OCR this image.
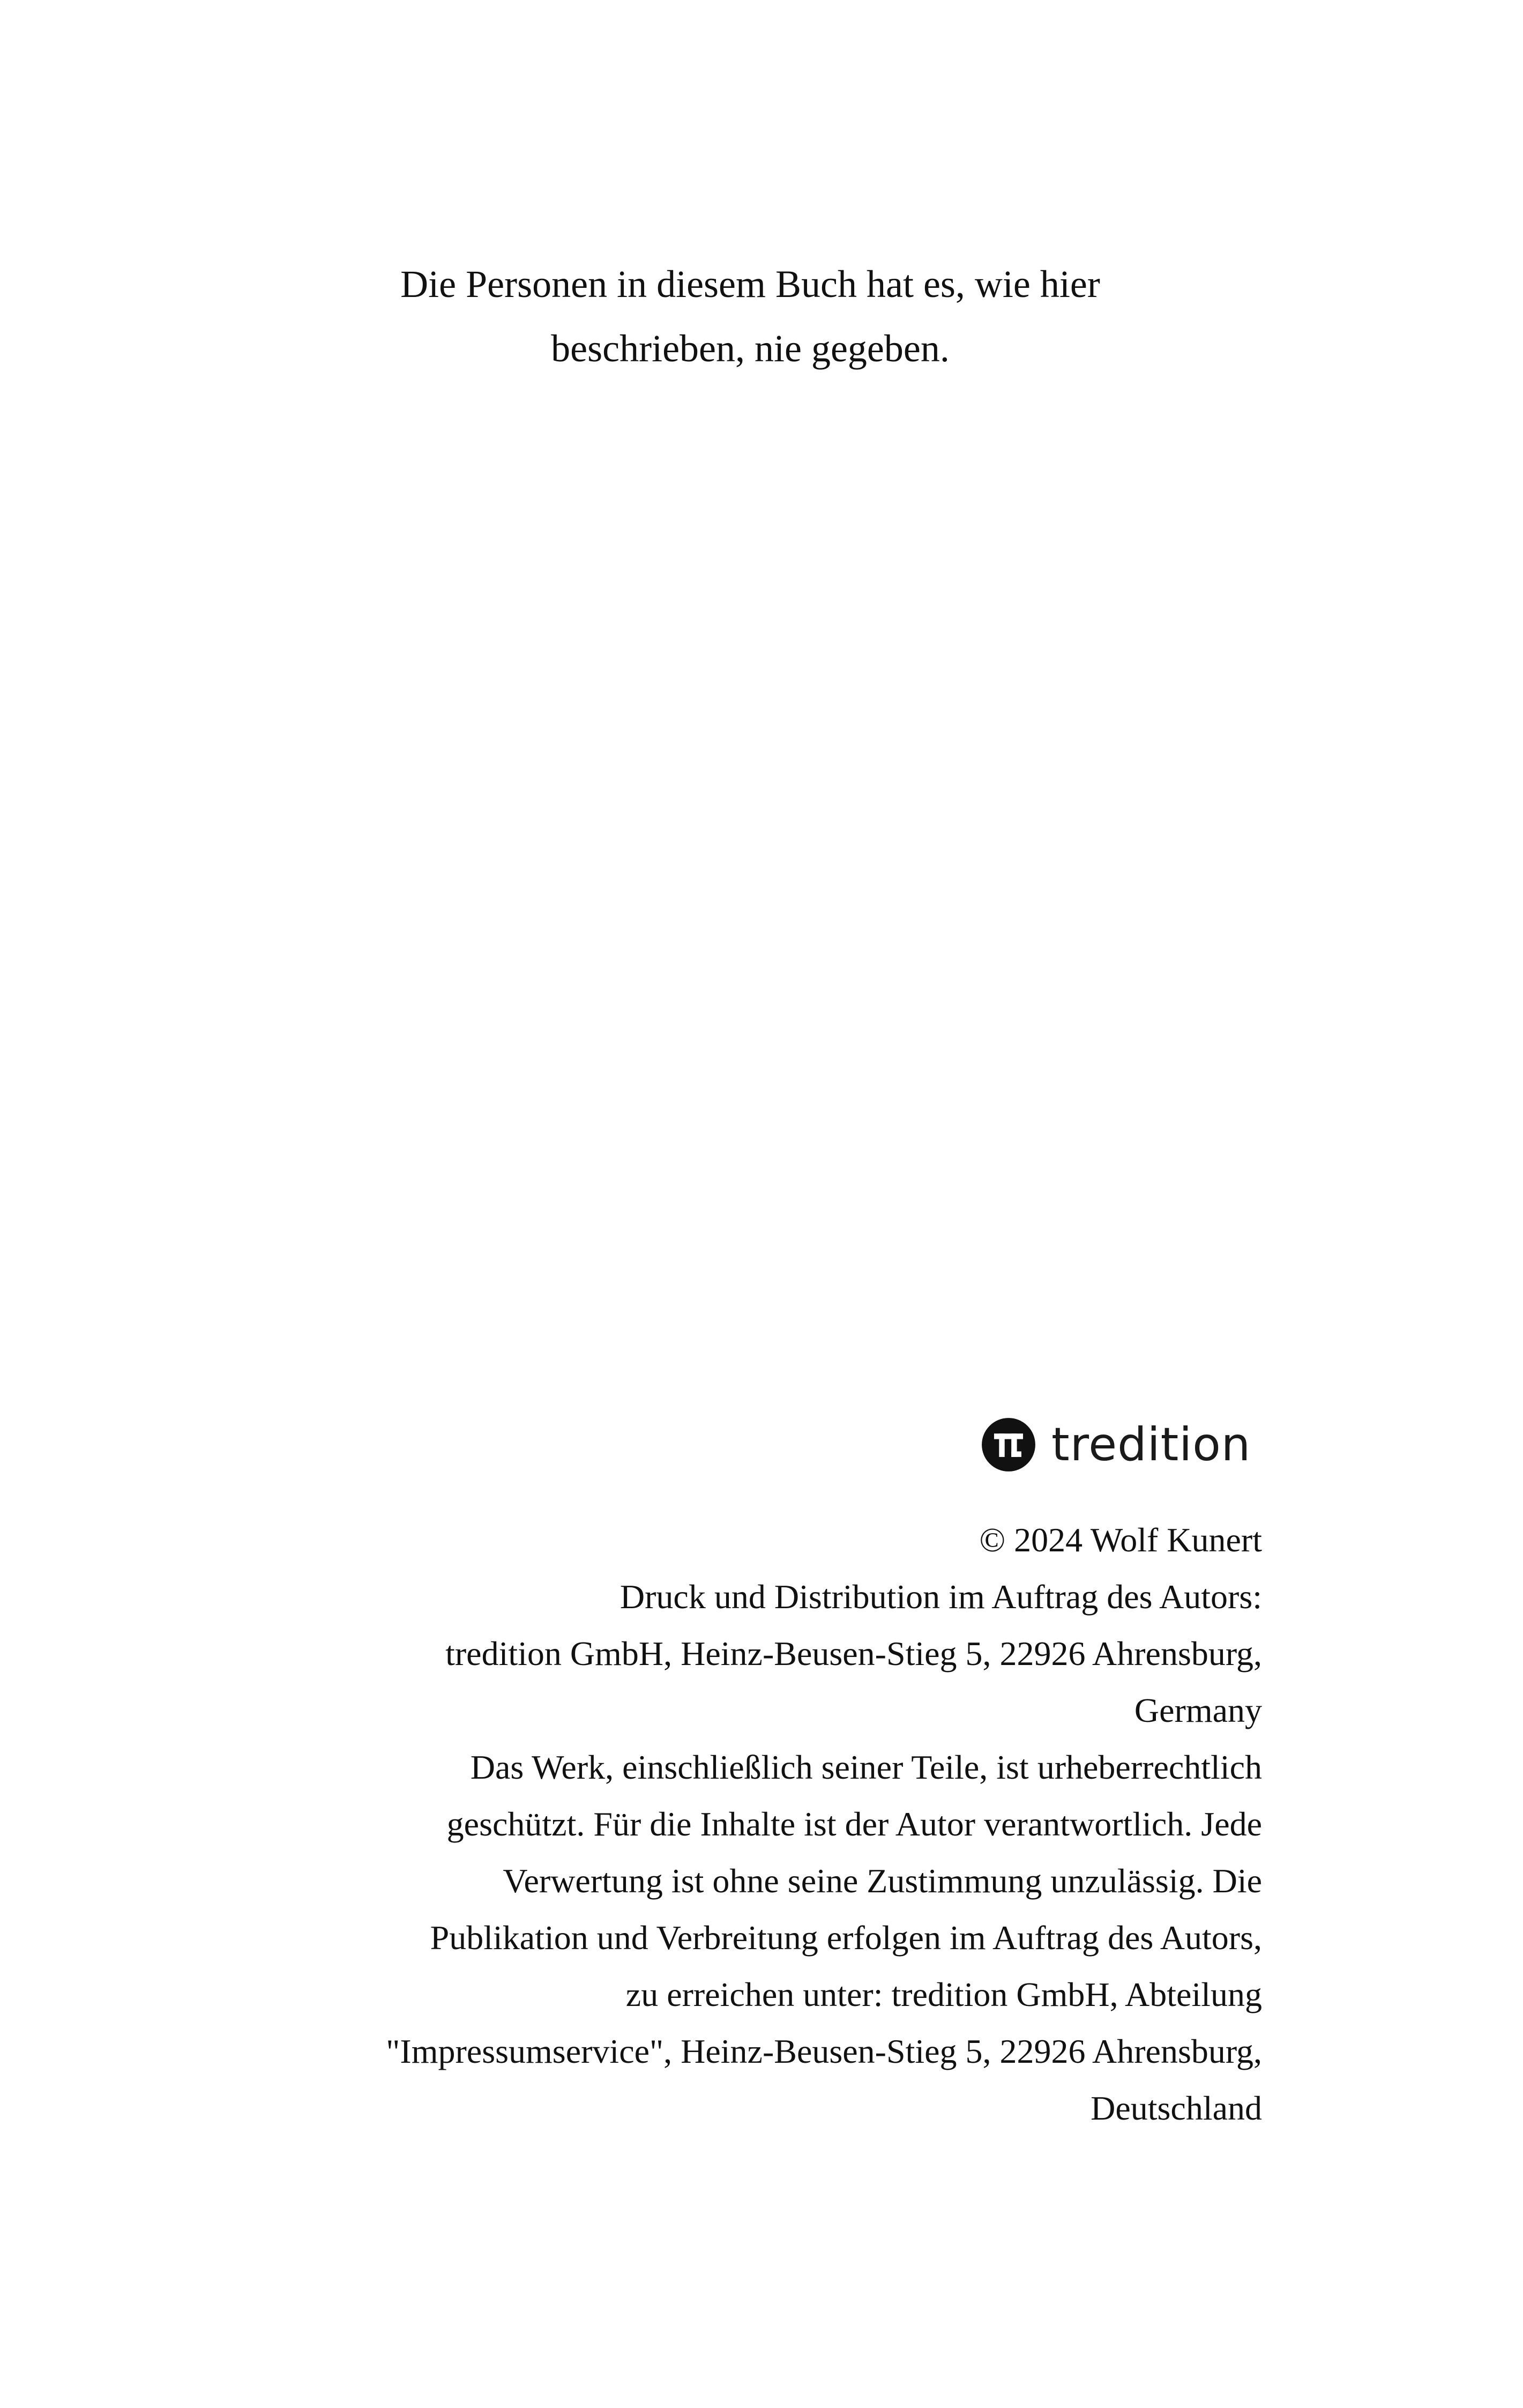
Die Personen in diesem Buch hat es, wie hier
beschrieben, nie gegeben.
tredition
© 2024 Wolf Kunert
Druck und Distribution im Auftrag des Autors:
tredition GmbH, Heinz-Beusen-Stieg 5, 22926 Ahrensburg,
Germany
Das Werk, einschließlich seiner Teile, ist urheberrechtlich
geschützt. Für die Inhalte ist der Autor verantwortlich. Jede
Verwertung ist ohne seine Zustimmung unzulässig. Die
Publikation und Verbreitung erfolgen im Auftrag des Autors,
zu erreichen unter: tredition GmbH, Abteilung
"Impressumservice", Heinz-Beusen-Stieg 5, 22926 Ahrensburg,
Deutschland
